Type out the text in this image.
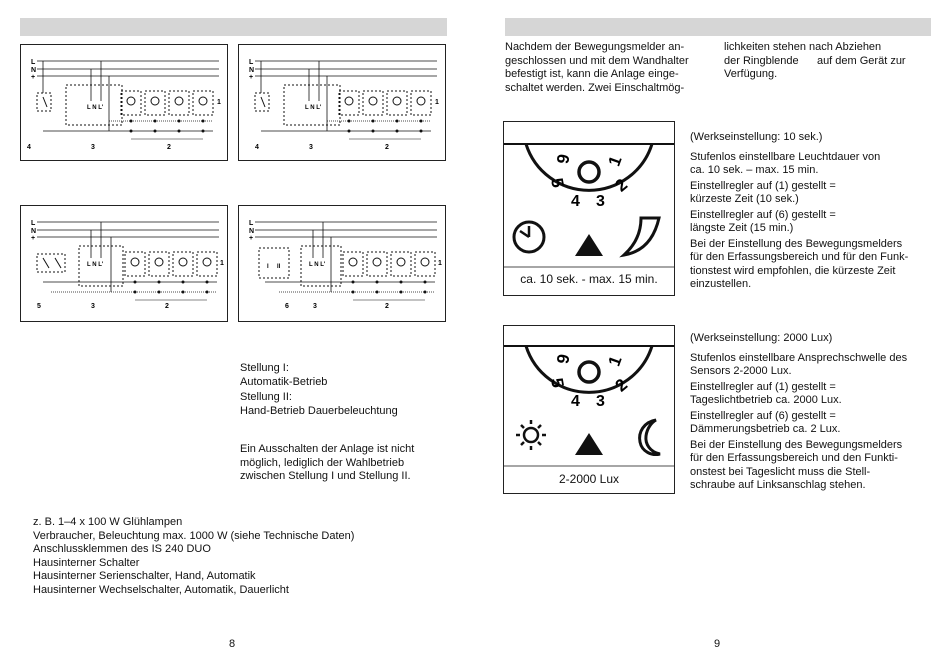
L
N
+
L N L'
4	3	2
1
L
N
+
L N L'
4	3	2
1
L
N
+
L N L'
5	3	2
1
L
N
+
I II	L N L'
6	3	2
1
Stellung I:
Automatik-Betrieb
Stellung II:
Hand-Betrieb Dauerbeleuchtung
Ein Ausschalten der Anlage ist nicht
möglich, lediglich der Wahlbetrieb
zwischen Stellung I und Stellung II.
z. B. 1–4 x 100 W Glühlampen
Verbraucher, Beleuchtung max. 1000 W (siehe Technische Daten)
Anschlussklemmen des IS 240 DUO
Hausinterner Schalter
Hausinterner Serienschalter, Hand, Automatik
Hausinterner Wechselschalter, Automatik, Dauerlicht
8
Nachdem der Bewegungsmelder an-
geschlossen und mit dem Wandhalter
befestigt ist, kann die Anlage einge-
schaltet werden. Zwei Einschaltmög-
lichkeiten stehen nach Abziehen
der Ringblende      auf dem Gerät zur
Verfügung.
6 1
5	2
4 3
ca. 10 sek. - max. 15 min.
(Werkseinstellung: 10 sek.)
Stufenlos einstellbare Leuchtdauer von
ca. 10 sek. – max. 15 min.
Einstellregler auf (1) gestellt =
kürzeste Zeit (10 sek.)
Einstellregler auf (6) gestellt =
längste Zeit (15 min.)
Bei der Einstellung des Bewegungsmelders
für den Erfassungsbereich und für den Funk-
tionstest wird empfohlen, die kürzeste Zeit
einzustellen.
6 1
5	2
4 3
2-2000 Lux
(Werkseinstellung: 2000 Lux)
Stufenlos einstellbare Ansprechschwelle des
Sensors 2-2000 Lux.
Einstellregler auf (1) gestellt =
Tageslichtbetrieb ca. 2000 Lux.
Einstellregler auf (6) gestellt =
Dämmerungsbetrieb ca. 2 Lux.
Bei der Einstellung des Bewegungsmelders
für den Erfassungsbereich und den Funkti-
onstest bei Tageslicht muss die Stell-
schraube auf Linksanschlag stehen.
9
